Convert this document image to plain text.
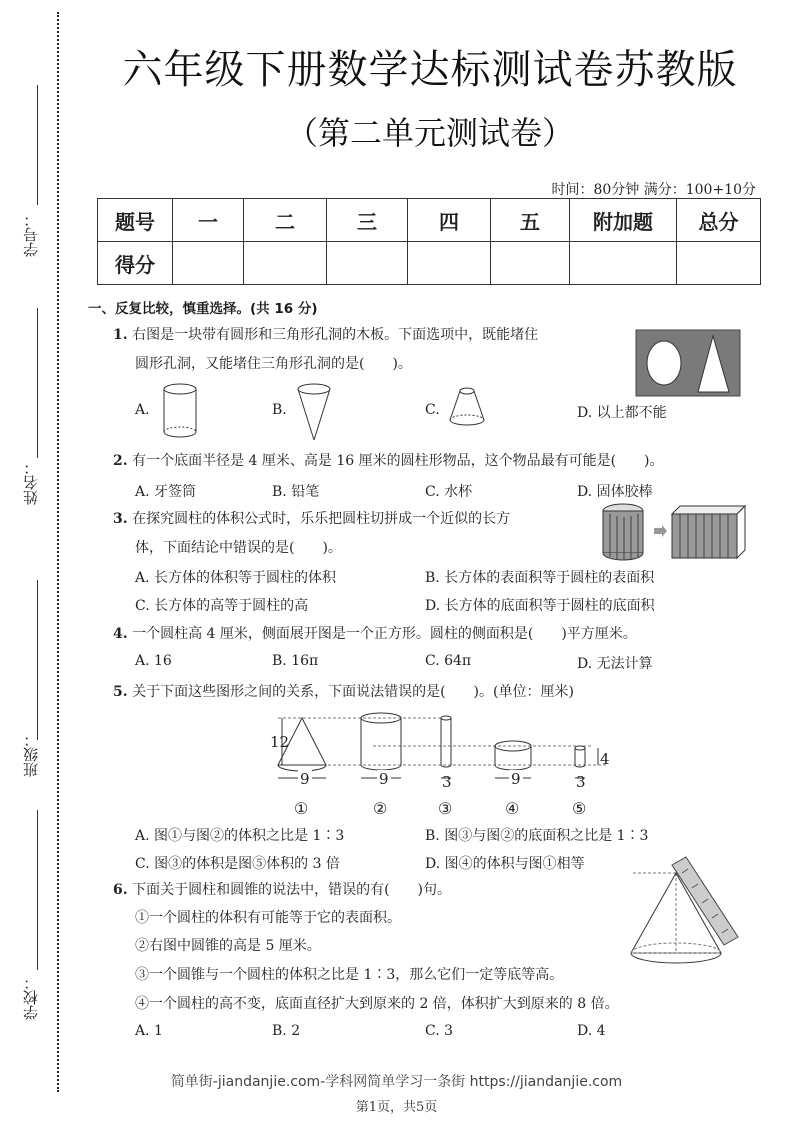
学号：
姓名：
班级：
学校：
六年级下册数学达标测试卷苏教版
（第二单元测试卷）
时间：80分钟 满分：100+10分
题号	一	二	三	四	五	附加题	总分
得分							
一、反复比较，慎重选择。(共 16 分)
1. 右图是一块带有圆形和三角形孔洞的木板。下面选项中，既能堵住
圆形孔洞，又能堵住三角形孔洞的是(　　)。
A.	B.	C.	D. 以上都不能
2. 有一个底面半径是 4 厘米、高是 16 厘米的圆柱形物品，这个物品最有可能是(　　)。
A. 牙签筒	B. 铅笔	C. 水杯	D. 固体胶棒
3. 在探究圆柱的体积公式时，乐乐把圆柱切拼成一个近似的长方
体，下面结论中错误的是(　　)。
A. 长方体的体积等于圆柱的体积	B. 长方体的表面积等于圆柱的表面积
C. 长方体的高等于圆柱的高	D. 长方体的底面积等于圆柱的底面积
4. 一个圆柱高 4 厘米，侧面展开图是一个正方形。圆柱的侧面积是(　　)平方厘米。
A. 16	B. 16π	C. 64π	D. 无法计算
5. 关于下面这些图形之间的关系，下面说法错误的是(　　)。(单位：厘米)
12
4
9	9	3	9	3
①	②	③	④	⑤
A. 图①与图②的体积之比是 1∶3	B. 图③与图②的底面积之比是 1∶3
C. 图③的体积是图⑤体积的 3 倍	D. 图④的体积与图①相等
6. 下面关于圆柱和圆锥的说法中，错误的有(　　)句。
①一个圆柱的体积有可能等于它的表面积。
②右图中圆锥的高是 5 厘米。
③一个圆锥与一个圆柱的体积之比是 1∶3，那么它们一定等底等高。
④一个圆柱的高不变，底面直径扩大到原来的 2 倍，体积扩大到原来的 8 倍。
A. 1	B. 2	C. 3	D. 4
简单街-jiandanjie.com-学科网简单学习一条街 https://jiandanjie.com
第1页，共5页
